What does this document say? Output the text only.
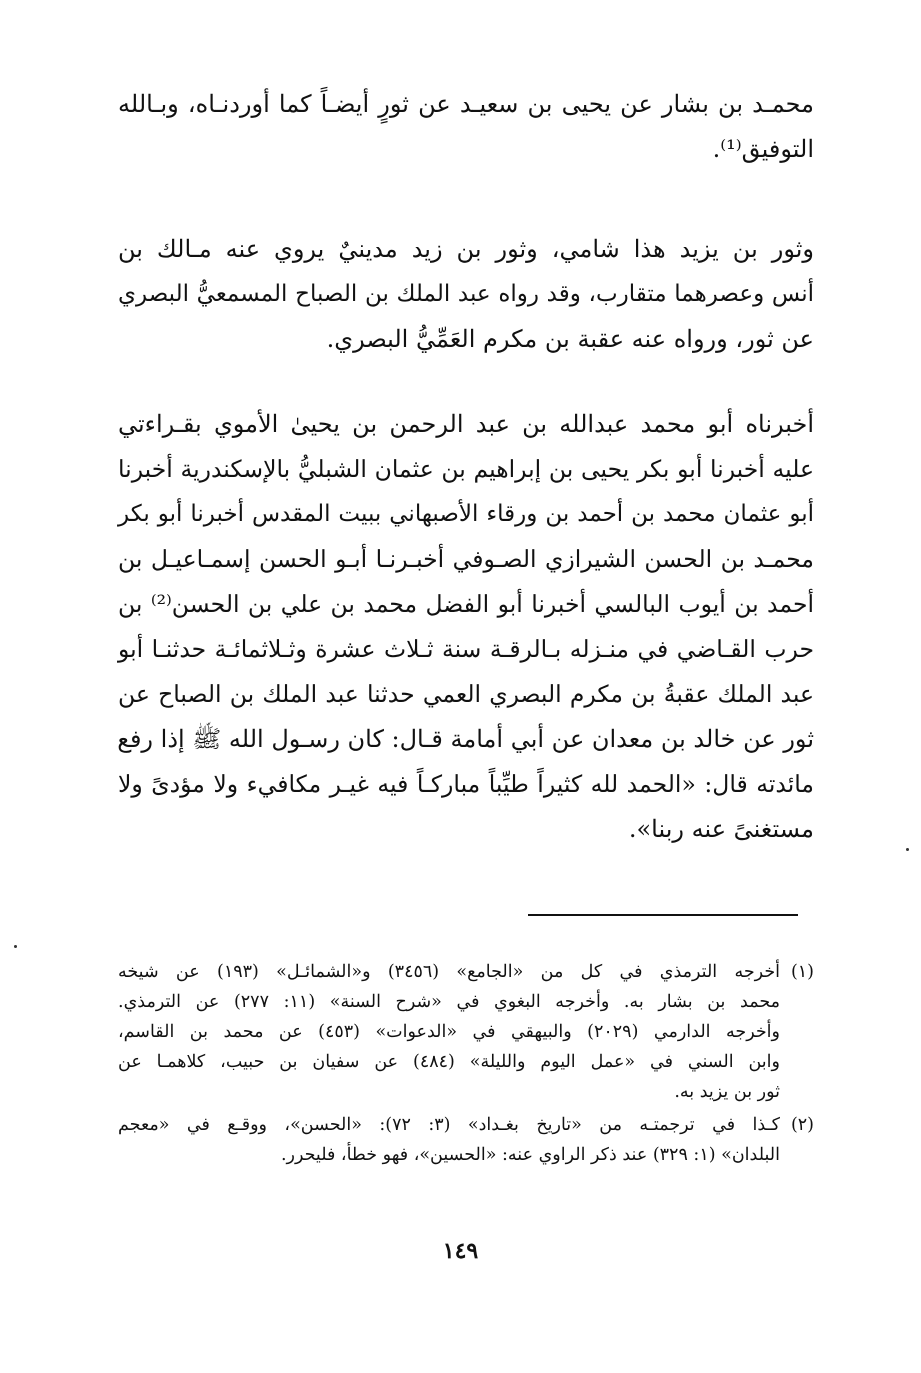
محمـد بن بشار عن يحيى بن سعيـد عن ثورٍ أيضـاً كما أوردنـاه، وبـالله
التوفيق⁽¹⁾.

وثور بن يزيد هذا شامي، وثور بن زيد مدينيٌ يروي عنه مـالك بن
أنس وعصرهما متقارب، وقد رواه عبد الملك بن الصباح المسمعيُّ البصري
عن ثور، ورواه عنه عقبة بن مكرم العَمِّيُّ البصري.

أخبرناه أبو محمد عبدالله بن عبد الرحمن بن يحيىٰ الأموي بقـراءتي
عليه أخبرنا أبو بكر يحيى بن إبراهيم بن عثمان الشبليُّ بالإسكندرية أخبرنا
أبو عثمان محمد بن أحمد بن ورقاء الأصبهاني ببيت المقدس أخبرنا أبو بكر
محمـد بن الحسن الشيرازي الصـوفي أخبـرنـا أبـو الحسن إسمـاعيـل بن
أحمد بن أيوب البالسي أخبرنا أبو الفضل محمد بن علي بن الحسن⁽²⁾ بن
حرب القـاضي في منـزله بـالرقـة سنة ثـلاث عشرة وثـلاثمائـة حدثنـا أبو
عبد الملك عقبةُ بن مكرم البصري العمي حدثنا عبد الملك بن الصباح عن
ثور عن خالد بن معدان عن أبي أمامة قـال: كان رسـول الله ﷺ إذا رفع
مائدته قال: «الحمد لله كثيراً طيِّباً مباركـاً فيه غيـر مكافيء ولا مؤدىً ولا
مستغنىً عنه ربنا».

(١)
أخرجه الترمذي في كل من «الجامع» (٣٤٥٦) و«الشمائـل» (١٩٣) عن شيخه
محمد بن بشار به. وأخرجه البغوي في «شرح السنة» (١١: ٢٧٧) عن الترمذي.
وأخرجه الدارمي (٢٠٢٩) والبيهقي في «الدعوات» (٤٥٣) عن محمد بن القاسم،
وابن السني في «عمل اليوم والليلة» (٤٨٤) عن سفيان بن حبيب، كلاهمـا عن
ثور بن يزيد به.
(٢)
كـذا في ترجمتـه من «تاريخ بغـداد» (٣: ٧٢): «الحسن»، ووقـع في «معجم
البلدان» (١: ٣٢٩) عند ذكر الراوي عنه: «الحسين»، فهو خطأ، فليحرر.
١٤٩
